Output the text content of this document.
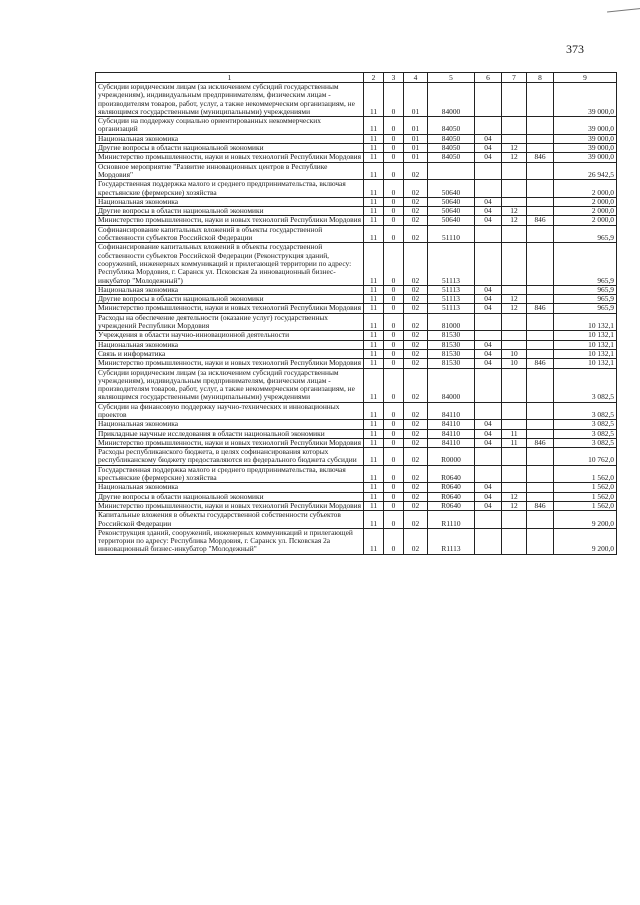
373
1	2	3	4	5	6	7	8	9
Субсидии юридическим лицам (за исключением субсидий государственным учреждениям), индивидуальным предпринимателям, физическим лицам - производителям товаров, работ, услуг, а также некоммерческим организациям, не являющимся государственными (муниципальными) учреждениями	11	0	01	84000				39 000,0
Субсидии на поддержку социально ориентированных некоммерческих организаций	11	0	01	84050				39 000,0
Национальная экономика	11	0	01	84050	04			39 000,0
Другие вопросы в области национальной экономики	11	0	01	84050	04	12		39 000,0
Министерство промышленности, науки и новых технологий Республики Мордовия	11	0	01	84050	04	12	846	39 000,0
Основное мероприятие "Развитие инновационных центров в Республике Мордовия"	11	0	02					26 942,5
Государственная поддержка малого и среднего предпринимательства, включая крестьянские (фермерские) хозяйства	11	0	02	50640				2 000,0
Национальная экономика	11	0	02	50640	04			2 000,0
Другие вопросы в области национальной экономики	11	0	02	50640	04	12		2 000,0
Министерство промышленности, науки и новых технологий Республики Мордовия	11	0	02	50640	04	12	846	2 000,0
Софинансирование капитальных вложений в объекты государственной собственности субъектов Российской Федерации	11	0	02	51110				965,9
Софинансирование капитальных вложений в объекты государственной собственности субъектов Российской Федерации (Реконструкция зданий, сооружений, инженерных коммуникаций и прилегающей территории по адресу: Республика Мордовия, г. Саранск ул. Псковская 2а инновационный бизнес-инкубатор "Молодежный")	11	0	02	51113				965,9
Национальная экономика	11	0	02	51113	04			965,9
Другие вопросы в области национальной экономики	11	0	02	51113	04	12		965,9
Министерство промышленности, науки и новых технологий Республики Мордовия	11	0	02	51113	04	12	846	965,9
Расходы на обеспечение деятельности (оказание услуг) государственных учреждений Республики Мордовия	11	0	02	81000				10 132,1
Учреждения в области научно-инновационной деятельности	11	0	02	81530				10 132,1
Национальная экономика	11	0	02	81530	04			10 132,1
Связь и информатика	11	0	02	81530	04	10		10 132,1
Министерство промышленности, науки и новых технологий Республики Мордовия	11	0	02	81530	04	10	846	10 132,1
Субсидии юридическим лицам (за исключением субсидий государственным учреждениям), индивидуальным предпринимателям, физическим лицам - производителям товаров, работ, услуг, а также некоммерческим организациям, не являющимся государственными (муниципальными) учреждениями	11	0	02	84000				3 082,5
Субсидии на финансовую поддержку научно-технических и инновационных проектов	11	0	02	84110				3 082,5
Национальная экономика	11	0	02	84110	04			3 082,5
Прикладные научные исследования в области национальной экономики	11	0	02	84110	04	11		3 082,5
Министерство промышленности, науки и новых технологий Республики Мордовия	11	0	02	84110	04	11	846	3 082,5
Расходы республиканского бюджета, в целях софинансирования которых республиканскому бюджету предоставляются из федерального бюджета субсидии	11	0	02	R0000				10 762,0
Государственная поддержка малого и среднего предпринимательства, включая крестьянские (фермерские) хозяйства	11	0	02	R0640				1 562,0
Национальная экономика	11	0	02	R0640	04			1 562,0
Другие вопросы в области национальной экономики	11	0	02	R0640	04	12		1 562,0
Министерство промышленности, науки и новых технологий Республики Мордовия	11	0	02	R0640	04	12	846	1 562,0
Капитальные вложения в объекты государственной собственности субъектов Российской Федерации	11	0	02	R1110				9 200,0
Реконструкция зданий, сооружений, инженерных коммуникаций и прилегающей территории по адресу: Республика Мордовия, г. Саранск ул. Псковская 2а инновационный бизнес-инкубатор "Молодежный"	11	0	02	R1113				9 200,0
